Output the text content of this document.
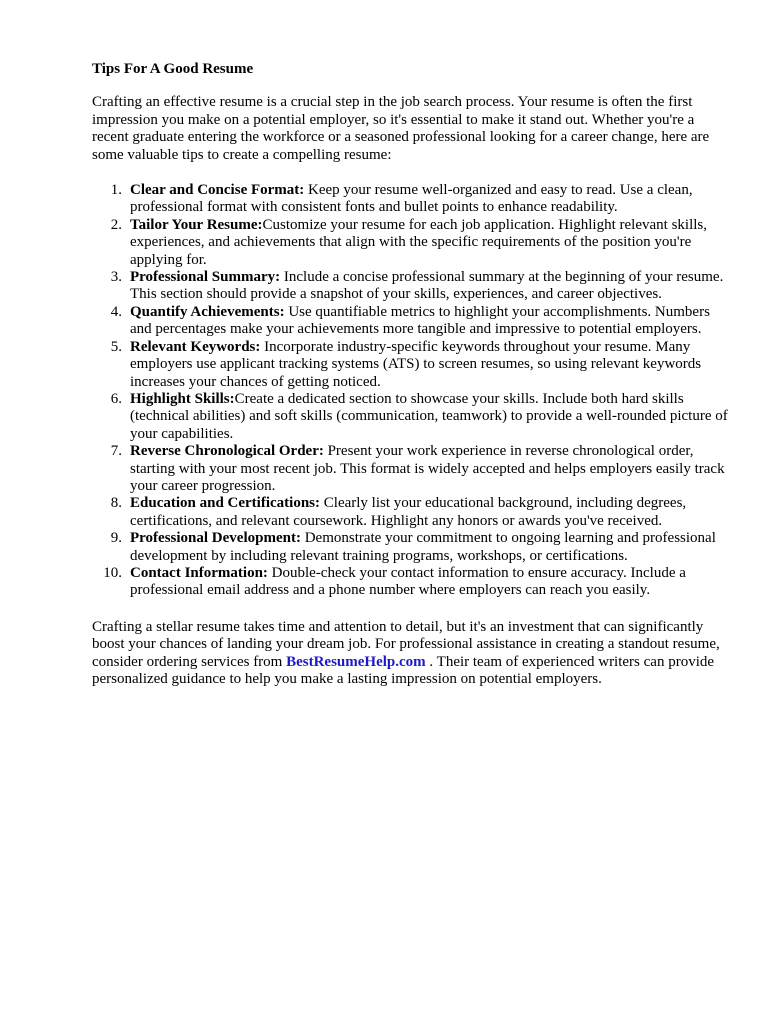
Tips For A Good Resume

Crafting an effective resume is a crucial step in the job search process. Your resume is often the first impression you make on a potential employer, so it's essential to make it stand out. Whether you're a recent graduate entering the workforce or a seasoned professional looking for a career change, here are some valuable tips to create a compelling resume:

1. Clear and Concise Format: Keep your resume well-organized and easy to read. Use a clean, professional format with consistent fonts and bullet points to enhance readability.
2. Tailor Your Resume:Customize your resume for each job application. Highlight relevant skills, experiences, and achievements that align with the specific requirements of the position you're applying for.
3. Professional Summary: Include a concise professional summary at the beginning of your resume. This section should provide a snapshot of your skills, experiences, and career objectives.
4. Quantify Achievements: Use quantifiable metrics to highlight your accomplishments. Numbers and percentages make your achievements more tangible and impressive to potential employers.
5. Relevant Keywords: Incorporate industry-specific keywords throughout your resume. Many employers use applicant tracking systems (ATS) to screen resumes, so using relevant keywords increases your chances of getting noticed.
6. Highlight Skills:Create a dedicated section to showcase your skills. Include both hard skills (technical abilities) and soft skills (communication, teamwork) to provide a well-rounded picture of your capabilities.
7. Reverse Chronological Order: Present your work experience in reverse chronological order, starting with your most recent job. This format is widely accepted and helps employers easily track your career progression.
8. Education and Certifications: Clearly list your educational background, including degrees, certifications, and relevant coursework. Highlight any honors or awards you've received.
9. Professional Development: Demonstrate your commitment to ongoing learning and professional development by including relevant training programs, workshops, or certifications.
10. Contact Information: Double-check your contact information to ensure accuracy. Include a professional email address and a phone number where employers can reach you easily.

Crafting a stellar resume takes time and attention to detail, but it's an investment that can significantly boost your chances of landing your dream job. For professional assistance in creating a standout resume, consider ordering services from BestResumeHelp.com . Their team of experienced writers can provide personalized guidance to help you make a lasting impression on potential employers.
